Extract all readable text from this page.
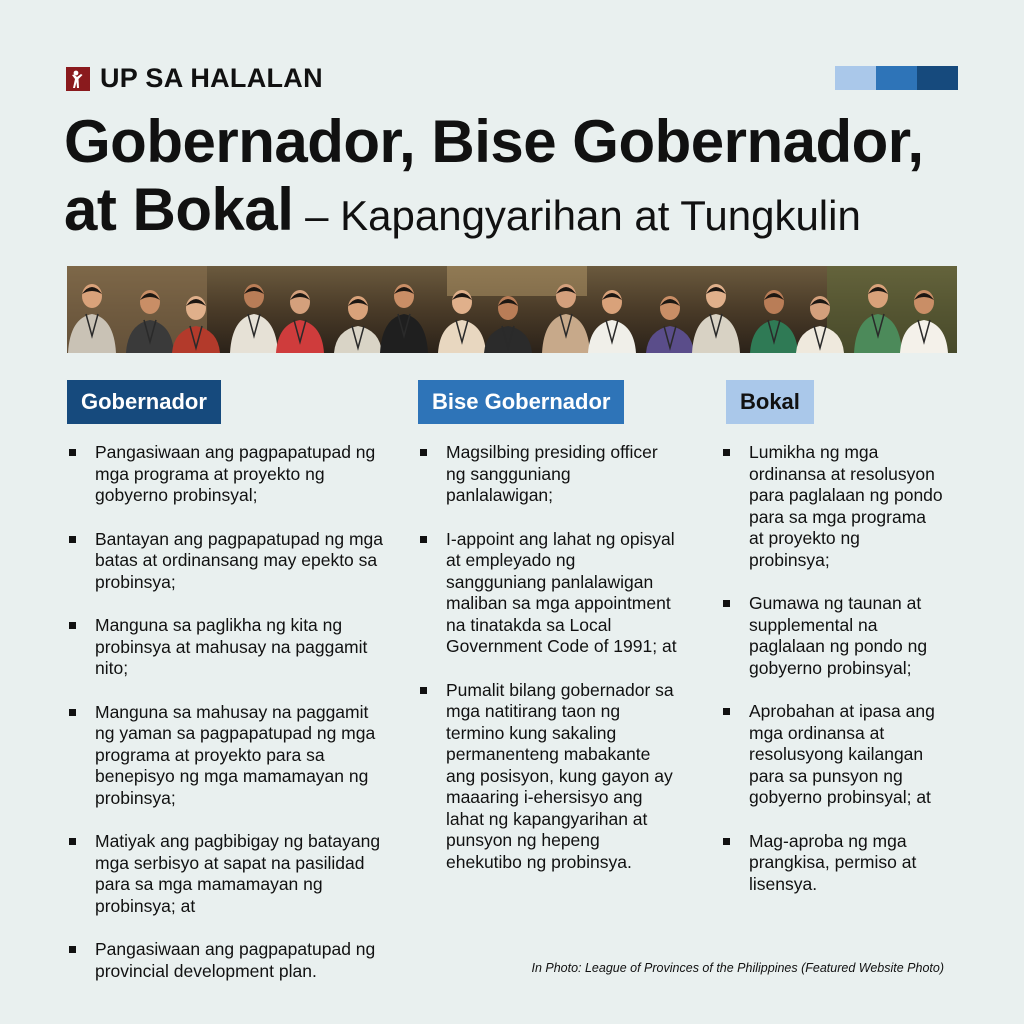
UP SA HALALAN
Gobernador, Bise Gobernador,
at Bokal – Kapangyarihan at Tungkulin
Gobernador
Pangasiwaan ang pagpapatupad ng mga programa at proyekto ng gobyerno probinsyal;
Bantayan ang pagpapatupad ng mga batas at ordinansang may epekto sa probinsya;
Manguna sa paglikha ng kita ng probinsya at mahusay na paggamit nito;
Manguna sa mahusay na paggamit ng yaman sa pagpapatupad ng mga programa at proyekto para sa benepisyo ng mga mamamayan ng probinsya;
Matiyak ang pagbibigay ng batayang mga serbisyo at sapat na pasilidad para sa mga mamamayan ng probinsya; at
Pangasiwaan ang pagpapatupad ng provincial development plan.
Bise Gobernador
Magsilbing presiding officer ng sangguniang panlalawigan;
I-appoint ang lahat ng opisyal at empleyado ng sangguniang panlalawigan maliban sa mga appointment na tinatakda sa Local Government Code of 1991; at
Pumalit bilang gobernador sa mga natitirang taon ng termino kung sakaling permanenteng mabakante ang posisyon, kung gayon ay maaaring i-ehersisyo ang lahat ng kapangyarihan at punsyon ng hepeng ehekutibo ng probinsya.
Bokal
Lumikha ng mga ordinansa at resolusyon para paglalaan ng pondo para sa mga programa at proyekto ng probinsya;
Gumawa ng taunan at supplemental na paglalaan ng pondo ng gobyerno probinsyal;
Aprobahan at ipasa ang mga ordinansa at resolusyong kailangan para sa punsyon ng gobyerno probinsyal; at
Mag-aproba ng mga prangkisa, permiso at lisensya.
In Photo: League of Provinces of the Philippines (Featured Website Photo)
